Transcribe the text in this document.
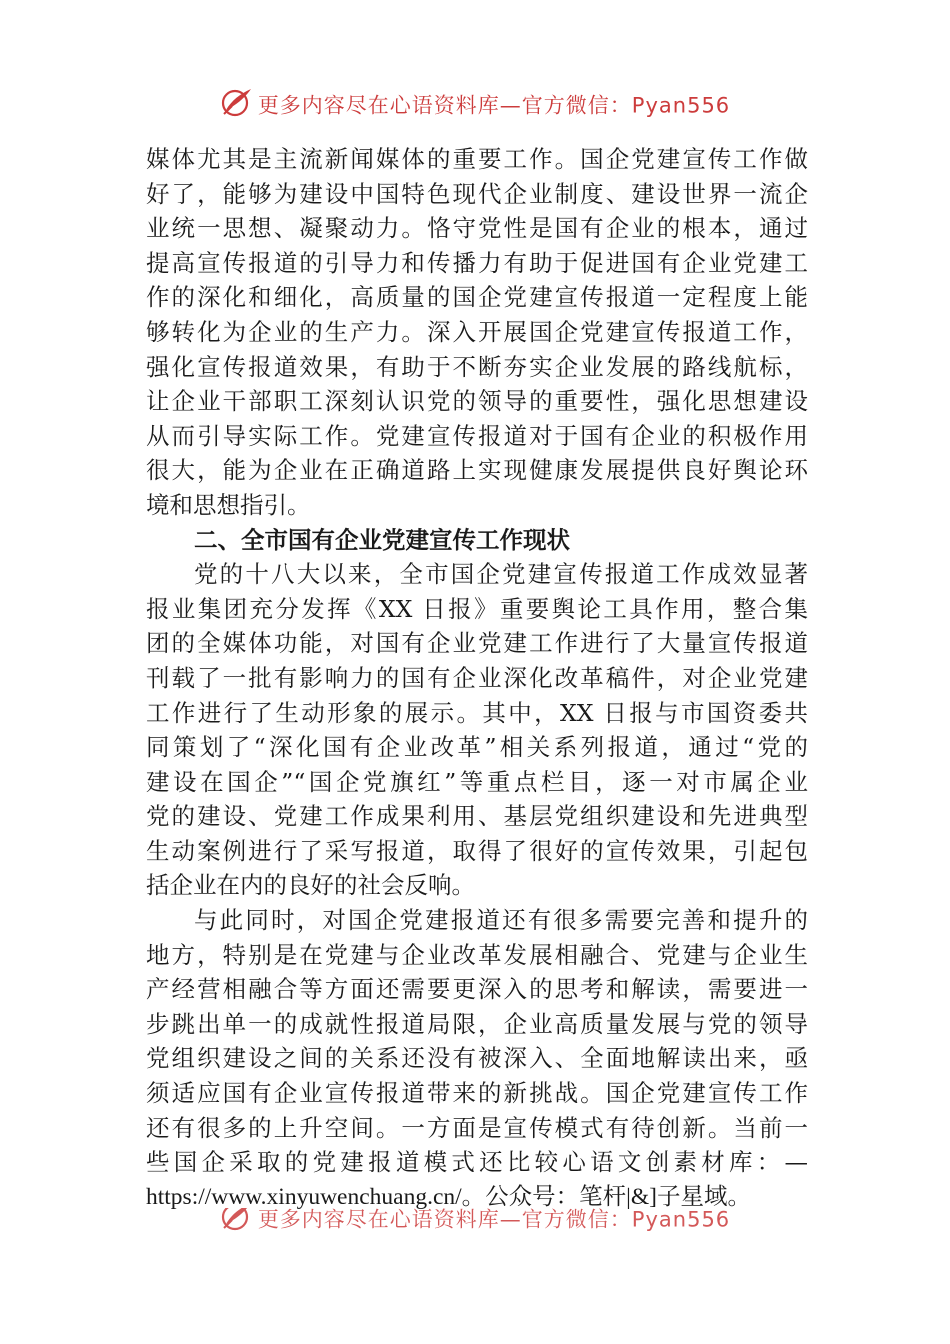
更多内容尽在心语资料库—官方微信：Pyan556
媒体尤其是主流新闻媒体的重要工作。国企党建宣传工作做
好了，能够为建设中国特色现代企业制度、建设世界一流企
业统一思想、凝聚动力。恪守党性是国有企业的根本，通过
提高宣传报道的引导力和传播力有助于促进国有企业党建工
作的深化和细化，高质量的国企党建宣传报道一定程度上能
够转化为企业的生产力。深入开展国企党建宣传报道工作，
强化宣传报道效果，有助于不断夯实企业发展的路线航标，
让企业干部职工深刻认识党的领导的重要性，强化思想建设
从而引导实际工作。党建宣传报道对于国有企业的积极作用
很大，能为企业在正确道路上实现健康发展提供良好舆论环
境和思想指引。
二、全市国有企业党建宣传工作现状
党的十八大以来，全市国企党建宣传报道工作成效显著
报业集团充分发挥《XX 日报》重要舆论工具作用，整合集
团的全媒体功能，对国有企业党建工作进行了大量宣传报道
刊载了一批有影响力的国有企业深化改革稿件，对企业党建
工作进行了生动形象的展示。其中，XX 日报与市国资委共
同策划了“深化国有企业改革”相关系列报道，通过“党的
建设在国企”“国企党旗红”等重点栏目，逐一对市属企业
党的建设、党建工作成果利用、基层党组织建设和先进典型
生动案例进行了采写报道，取得了很好的宣传效果，引起包
括企业在内的良好的社会反响。
与此同时，对国企党建报道还有很多需要完善和提升的
地方，特别是在党建与企业改革发展相融合、党建与企业生
产经营相融合等方面还需要更深入的思考和解读，需要进一
步跳出单一的成就性报道局限，企业高质量发展与党的领导
党组织建设之间的关系还没有被深入、全面地解读出来，亟
须适应国有企业宣传报道带来的新挑战。国企党建宣传工作
还有很多的上升空间。一方面是宣传模式有待创新。当前一
些国企采取的党建报道模式还比较心语文创素材库：—
https://www.xinyuwenchuang.cn/。公众号：笔杆|&]子星域。
更多内容尽在心语资料库—官方微信：Pyan556
